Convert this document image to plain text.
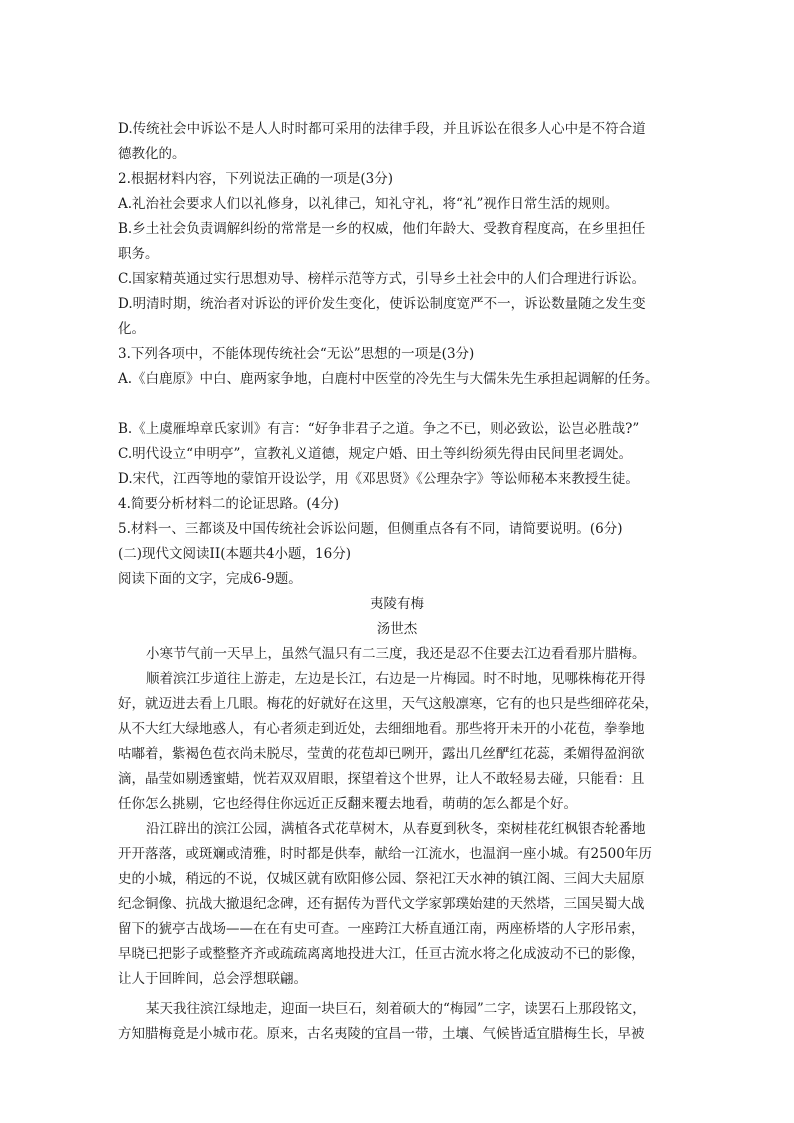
D.传统社会中诉讼不是人人时时都可采用的法律手段，并且诉讼在很多人心中是不符合道
德教化的。
2.根据材料内容，下列说法正确的一项是(3分)
A.礼治社会要求人们以礼修身，以礼律己，知礼守礼，将“礼”视作日常生活的规则。
B.乡土社会负责调解纠纷的常常是一乡的权威，他们年龄大、受教育程度高，在乡里担任
职务。
C.国家精英通过实行思想劝导、榜样示范等方式，引导乡土社会中的人们合理进行诉讼。
D.明清时期，统治者对诉讼的评价发生变化，使诉讼制度宽严不一，诉讼数量随之发生变
化。
3.下列各项中，不能体现传统社会“无讼”思想的一项是(3分)
A.《白鹿原》中白、鹿两家争地，白鹿村中医堂的冷先生与大儒朱先生承担起调解的任务。
B.《上虞雁埠章氏家训》有言：“好争非君子之道。争之不已，则必致讼，讼岂必胜哉?”
C.明代设立“申明亭”，宣教礼义道德，规定户婚、田土等纠纷须先得由民间里老调处。
D.宋代，江西等地的蒙馆开设讼学，用《邓思贤》《公理杂字》等讼师秘本来教授生徒。
4.简要分析材料二的论证思路。(4分)
5.材料一、三都谈及中国传统社会诉讼问题，但侧重点各有不同，请简要说明。(6分)
(二)现代文阅读II(本题共4小题，16分)
阅读下面的文字，完成6-9题。
夷陵有梅
汤世杰
小寒节气前一天早上，虽然气温只有二三度，我还是忍不住要去江边看看那片腊梅。
顺着滨江步道往上游走，左边是长江，右边是一片梅园。时不时地，见哪株梅花开得
好，就迈进去看上几眼。梅花的好就好在这里，天气这般凛寒，它有的也只是些细碎花朵，
从不大红大绿地惑人，有心者须走到近处，去细细地看。那些将开未开的小花苞，拳拳地
咕嘟着，紫褐色苞衣尚未脱尽，莹黄的花苞却已咧开，露出几丝酽红花蕊，柔媚得盈润欲
滴，晶莹如剔透蜜蜡，恍若双双眉眼，探望着这个世界，让人不敢轻易去碰，只能看：且
任你怎么挑剔，它也经得住你远近正反翻来覆去地看，萌萌的怎么都是个好。
沿江辟出的滨江公园，满植各式花草树木，从春夏到秋冬，栾树桂花红枫银杏轮番地
开开落落，或斑斓或清雅，时时都是供奉，献给一江流水，也温润一座小城。有2500年历
史的小城，稍远的不说，仅城区就有欧阳修公园、祭祀江天水神的镇江阁、三闾大夫屈原
纪念铜像、抗战大撤退纪念碑，还有据传为晋代文学家郭璞始建的天然塔，三国吴蜀大战
留下的猇亭古战场——在在有史可查。一座跨江大桥直通江南，两座桥塔的人字形吊索，
早晓已把影子或整整齐齐或疏疏离离地投进大江，任亘古流水将之化成波动不已的影像，
让人于回眸间，总会浮想联翩。
某天我往滨江绿地走，迎面一块巨石，刻着硕大的“梅园”二字，读罢石上那段铭文，
方知腊梅竟是小城市花。原来，古名夷陵的宜昌一带，土壤、气候皆适宜腊梅生长，早被
